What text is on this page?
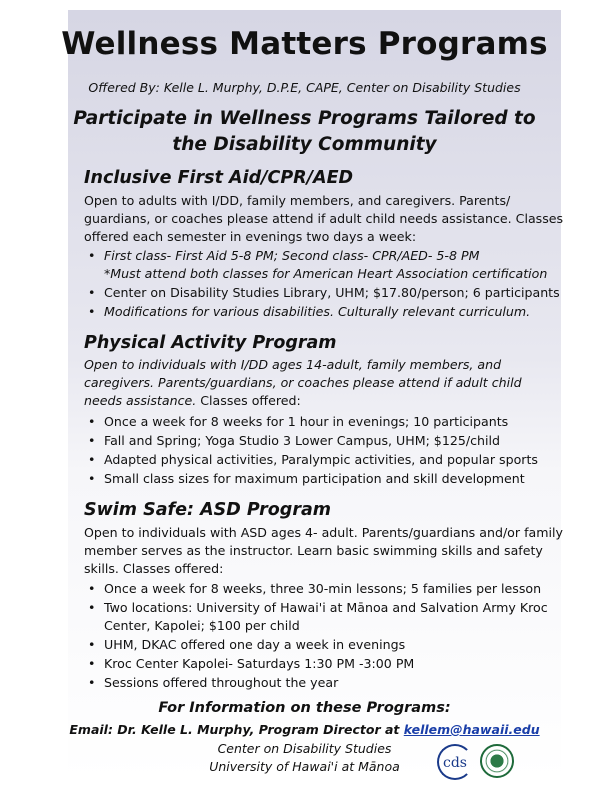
Wellness Matters Programs
Offered By: Kelle L. Murphy, D.P.E, CAPE, Center on Disability Studies
Participate in Wellness Programs Tailored to
the Disability Community
Inclusive First Aid/CPR/AED
Open to adults with I/DD, family members, and caregivers. Parents/
guardians, or coaches please attend if adult child needs assistance. Classes
offered each semester in evenings two days a week:
• First class- First Aid 5-8 PM; Second class- CPR/AED- 5-8 PM
*Must attend both classes for American Heart Association certification
• Center on Disability Studies Library, UHM; $17.80/person; 6 participants
• Modifications for various disabilities. Culturally relevant curriculum.
Physical Activity Program
Open to individuals with I/DD ages 14-adult, family members, and
caregivers. Parents/guardians, or coaches please attend if adult child
needs assistance. Classes offered:
• Once a week for 8 weeks for 1 hour in evenings; 10 participants
• Fall and Spring; Yoga Studio 3 Lower Campus, UHM; $125/child
• Adapted physical activities, Paralympic activities, and popular sports
• Small class sizes for maximum participation and skill development
Swim Safe: ASD Program
Open to individuals with ASD ages 4- adult. Parents/guardians and/or family
member serves as the instructor. Learn basic swimming skills and safety
skills. Classes offered:
• Once a week for 8 weeks, three 30-min lessons; 5 families per lesson
• Two locations: University of Hawai'i at Mānoa and Salvation Army Kroc
Center, Kapolei; $100 per child
• UHM, DKAC offered one day a week in evenings
• Kroc Center Kapolei- Saturdays 1:30 PM -3:00 PM
• Sessions offered throughout the year
For Information on these Programs:
Email: Dr. Kelle L. Murphy, Program Director at kellem@hawaii.edu
Center on Disability Studies
University of Hawai'i at Mānoa	cds
